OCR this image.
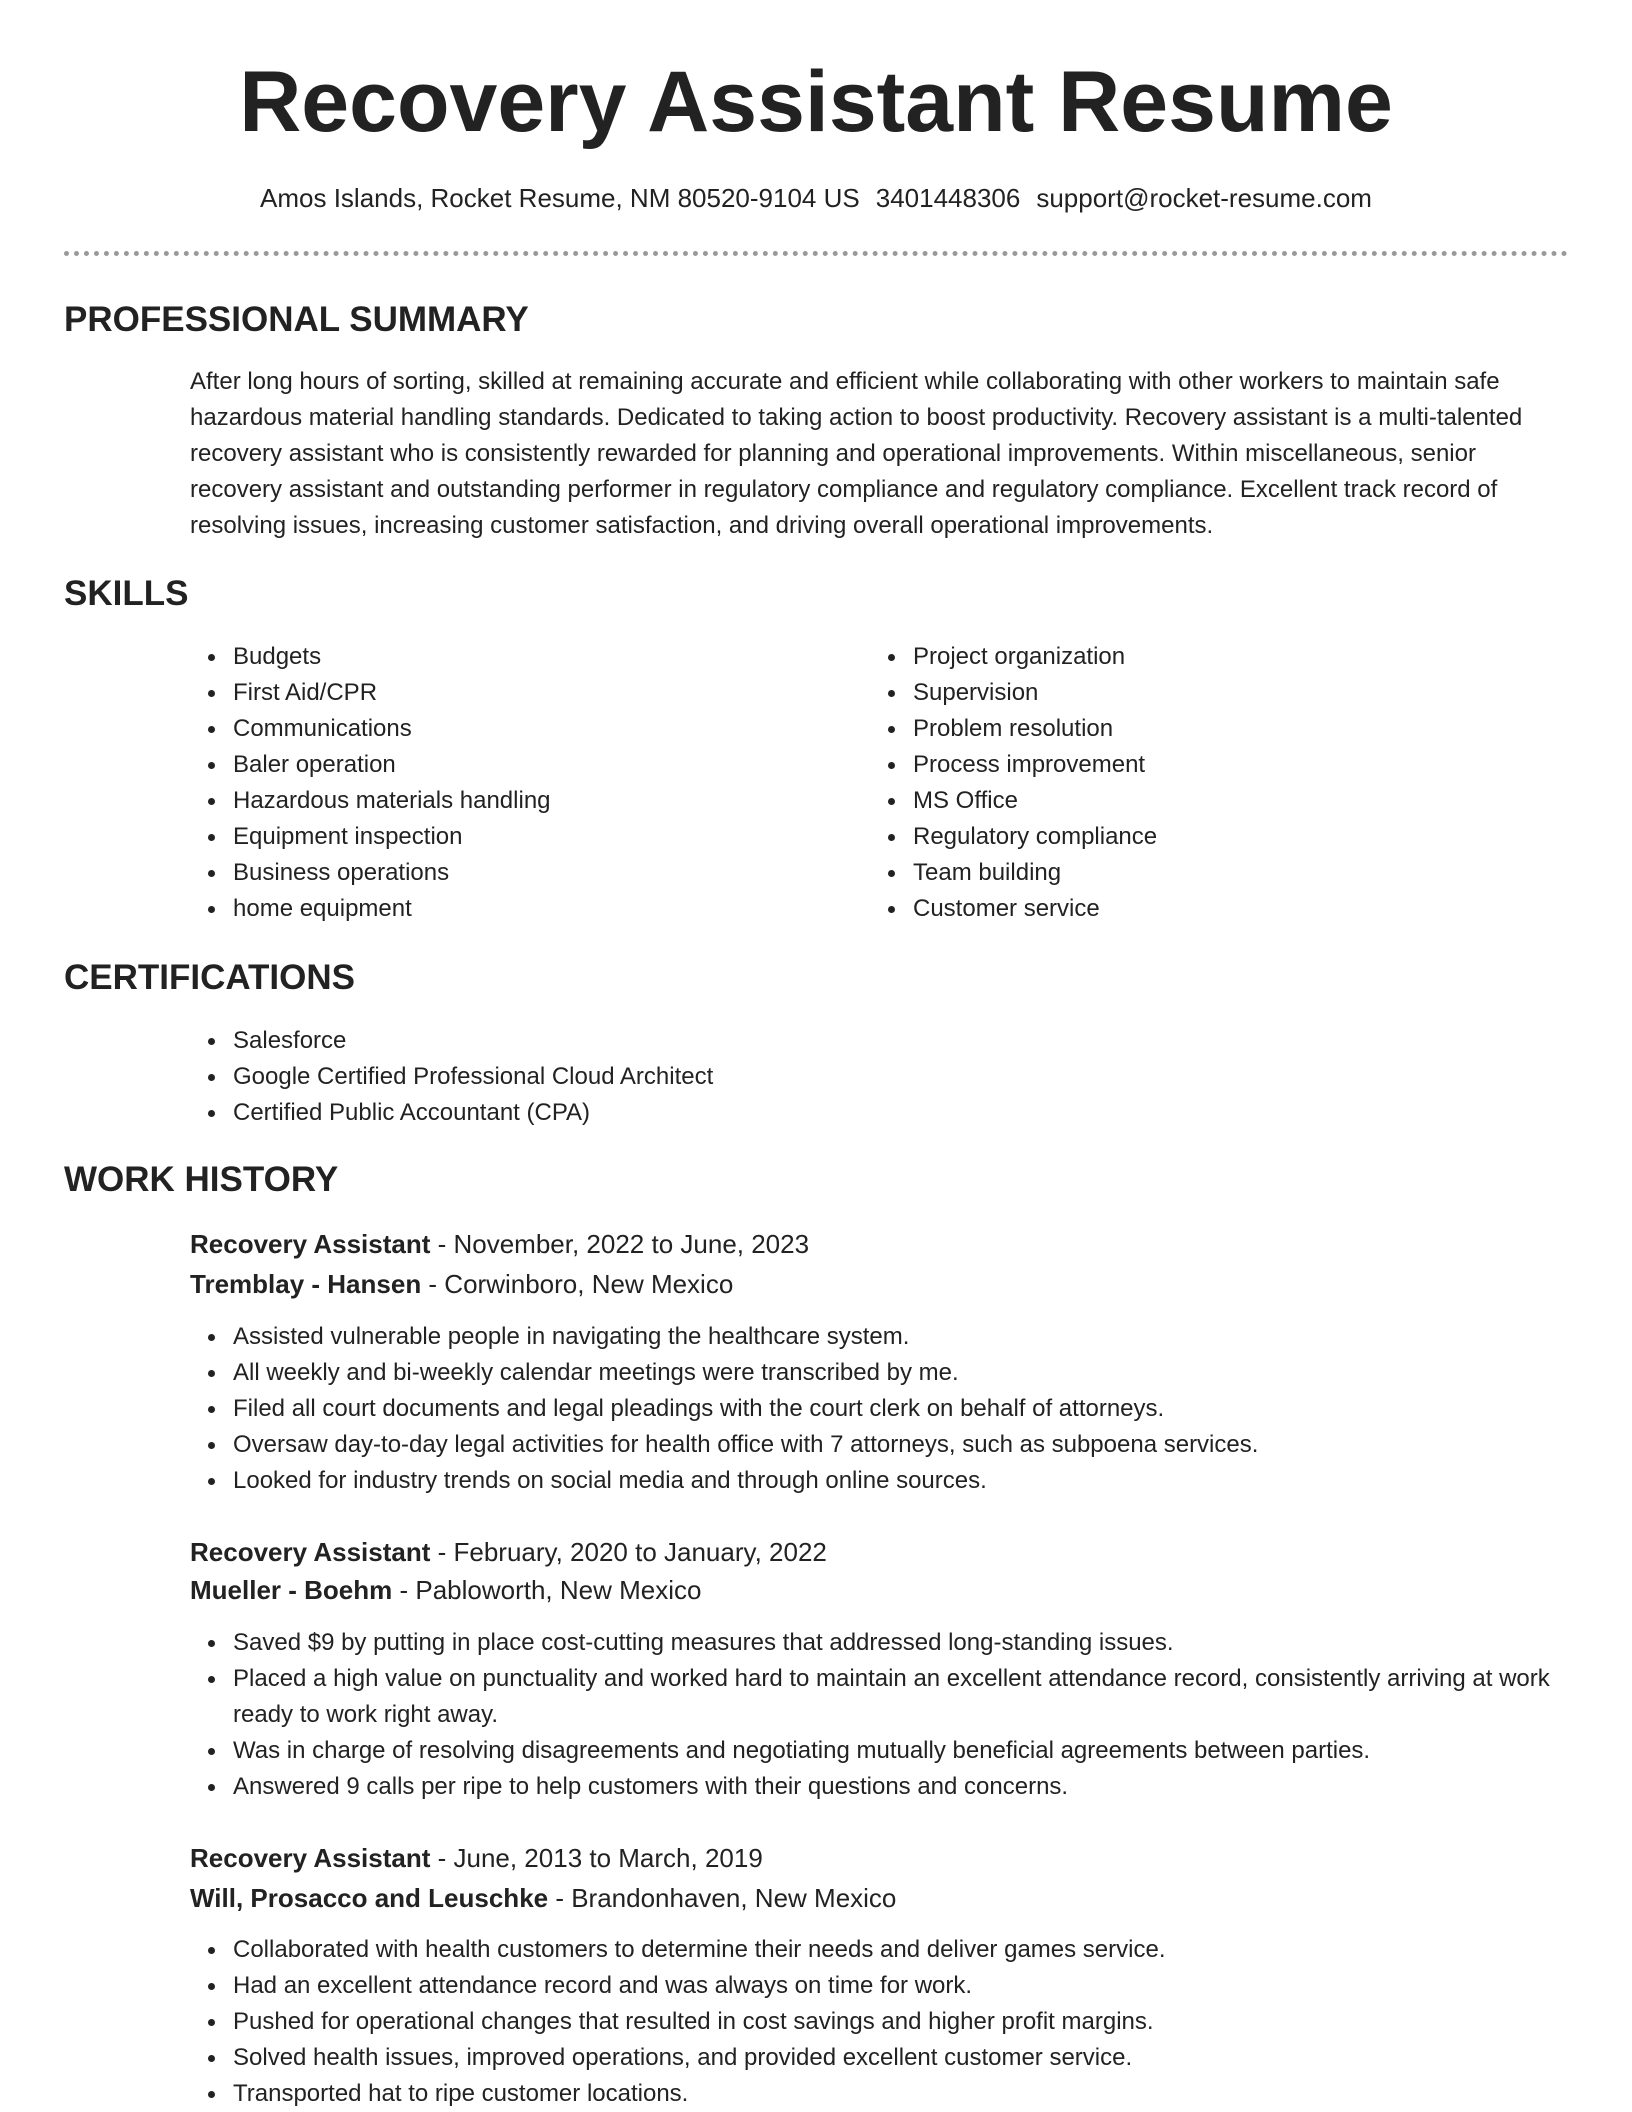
Recovery Assistant Resume
Amos Islands, Rocket Resume, NM 80520-9104 US 3401448306 support@rocket-resume.com
PROFESSIONAL SUMMARY

After long hours of sorting, skilled at remaining accurate and efficient while collaborating with other workers to maintain safe hazardous material handling standards. Dedicated to taking action to boost productivity. Recovery assistant is a multi-talented recovery assistant who is consistently rewarded for planning and operational improvements. Within miscellaneous, senior recovery assistant and outstanding performer in regulatory compliance and regulatory compliance. Excellent track record of resolving issues, increasing customer satisfaction, and driving overall operational improvements.

SKILLS
Budgets
First Aid/CPR
Communications
Baler operation
Hazardous materials handling
Equipment inspection
Business operations
home equipment
Project organization
Supervision
Problem resolution
Process improvement
MS Office
Regulatory compliance
Team building
Customer service
CERTIFICATIONS
Salesforce
Google Certified Professional Cloud Architect
Certified Public Accountant (CPA)
WORK HISTORY
Recovery Assistant - November, 2022 to June, 2023
Tremblay - Hansen - Corwinboro, New Mexico
Assisted vulnerable people in navigating the healthcare system.
All weekly and bi-weekly calendar meetings were transcribed by me.
Filed all court documents and legal pleadings with the court clerk on behalf of attorneys.
Oversaw day-to-day legal activities for health office with 7 attorneys, such as subpoena services.
Looked for industry trends on social media and through online sources.
Recovery Assistant - February, 2020 to January, 2022
Mueller - Boehm - Pabloworth, New Mexico
Saved $9 by putting in place cost-cutting measures that addressed long-standing issues.
Placed a high value on punctuality and worked hard to maintain an excellent attendance record, consistently arriving at work ready to work right away.
Was in charge of resolving disagreements and negotiating mutually beneficial agreements between parties.
Answered 9 calls per ripe to help customers with their questions and concerns.
Recovery Assistant - June, 2013 to March, 2019
Will, Prosacco and Leuschke - Brandonhaven, New Mexico
Collaborated with health customers to determine their needs and deliver games service.
Had an excellent attendance record and was always on time for work.
Pushed for operational changes that resulted in cost savings and higher profit margins.
Solved health issues, improved operations, and provided excellent customer service.
Transported hat to ripe customer locations.
